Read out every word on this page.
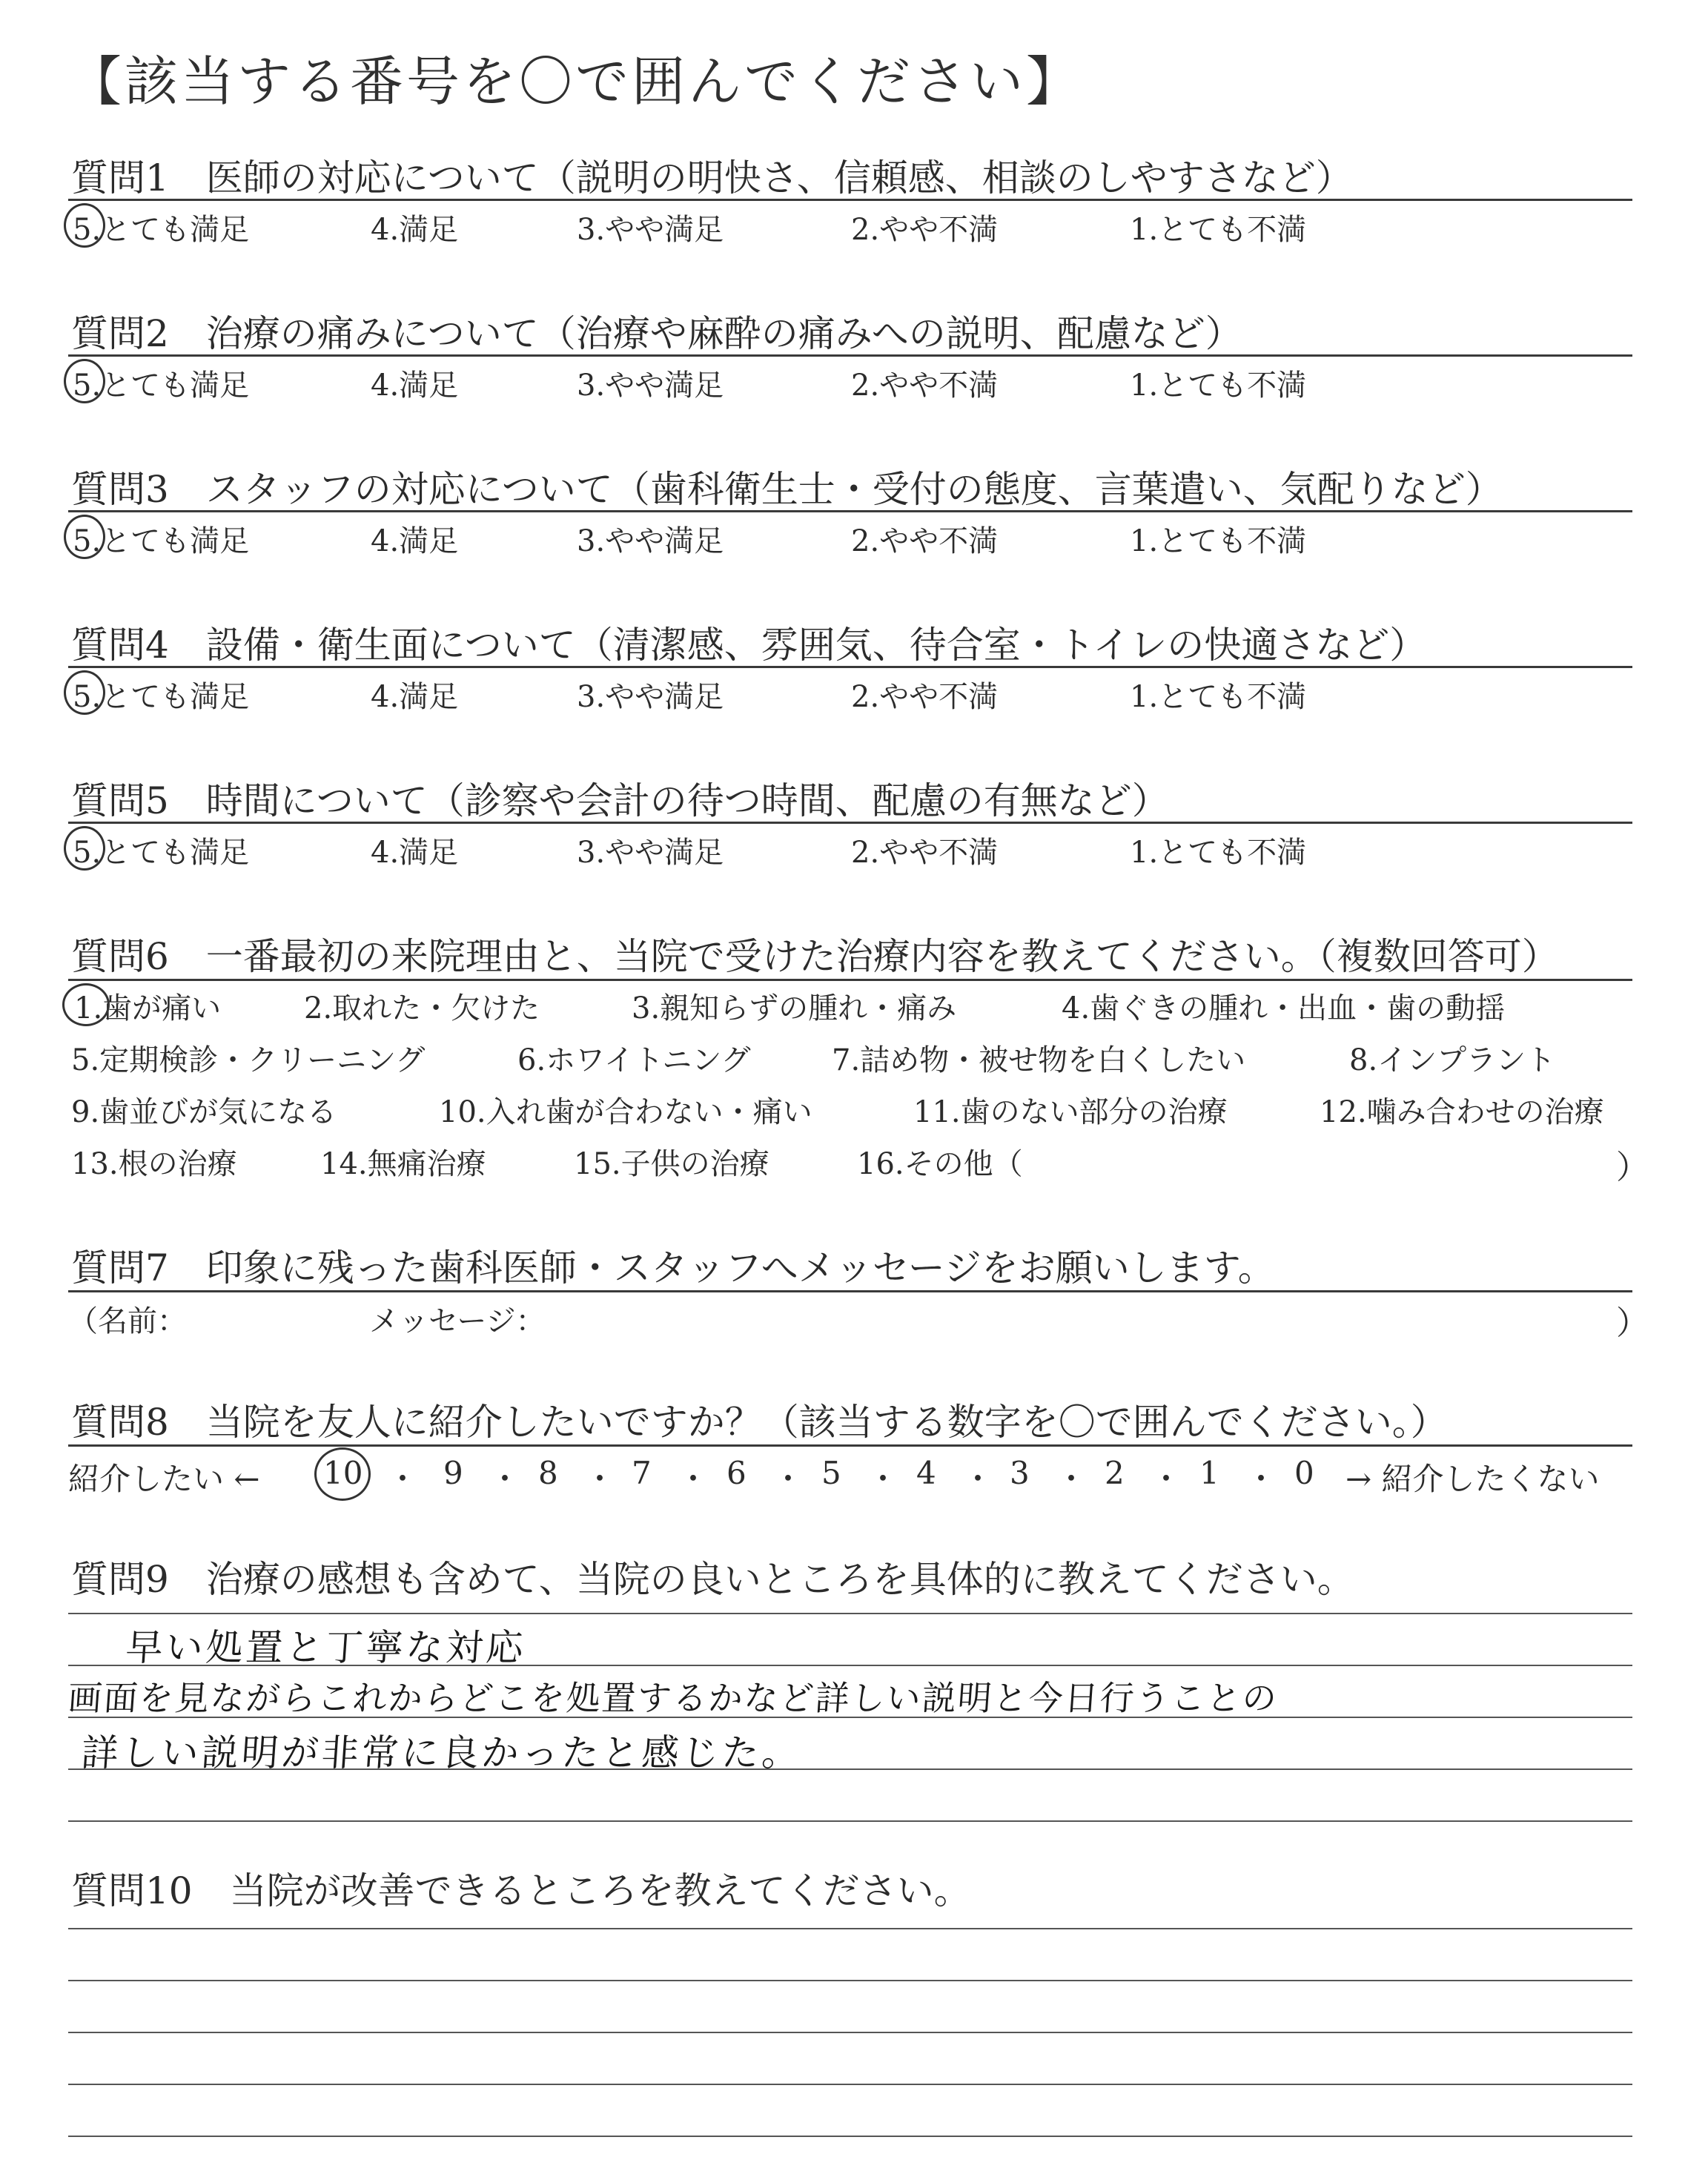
【該当する番号を〇で囲んでください】
質問1　医師の対応について（説明の明快さ、信頼感、相談のしやすさなど）
5.とても満足	4.満足	3.やや満足	2.やや不満	1.とても不満
質問2　治療の痛みについて（治療や麻酔の痛みへの説明、配慮など）
5.とても満足	4.満足	3.やや満足	2.やや不満	1.とても不満
質問3　スタッフの対応について（歯科衛生士・受付の態度、言葉遣い、気配りなど）
5.とても満足	4.満足	3.やや満足	2.やや不満	1.とても不満
質問4　設備・衛生面について（清潔感、雰囲気、待合室・トイレの快適さなど）
5.とても満足	4.満足	3.やや満足	2.やや不満	1.とても不満
質問5　時間について（診察や会計の待つ時間、配慮の有無など）
5.とても満足	4.満足	3.やや満足	2.やや不満	1.とても不満
質問6　一番最初の来院理由と、当院で受けた治療内容を教えてください。（複数回答可）
1.歯が痛い	2.取れた・欠けた	3.親知らずの腫れ・痛み	4.歯ぐきの腫れ・出血・歯の動揺
5.定期検診・クリーニング	6.ホワイトニング	7.詰め物・被せ物を白くしたい	8.インプラント
9.歯並びが気になる	10.入れ歯が合わない・痛い	11.歯のない部分の治療	12.噛み合わせの治療
13.根の治療	14.無痛治療	15.子供の治療	16.その他（	）
質問7　印象に残った歯科医師・スタッフへメッセージをお願いします。
（名前：	メッセージ：	）
質問8　当院を友人に紹介したいですか？（該当する数字を〇で囲んでください。）
紹介したい ← 10 ・ 9 ・ 8 ・ 7 ・ 6 ・ 5 ・ 4 ・ 3 ・ 2 ・ 1 ・ 0 → 紹介したくない
質問9　治療の感想も含めて、当院の良いところを具体的に教えてください。
早い処置と丁寧な対応
画面を見ながらこれからどこを処置するかなど詳しい説明と今日行うことの
詳しい説明が非常に良かったと感じた。
質問10　当院が改善できるところを教えてください。
